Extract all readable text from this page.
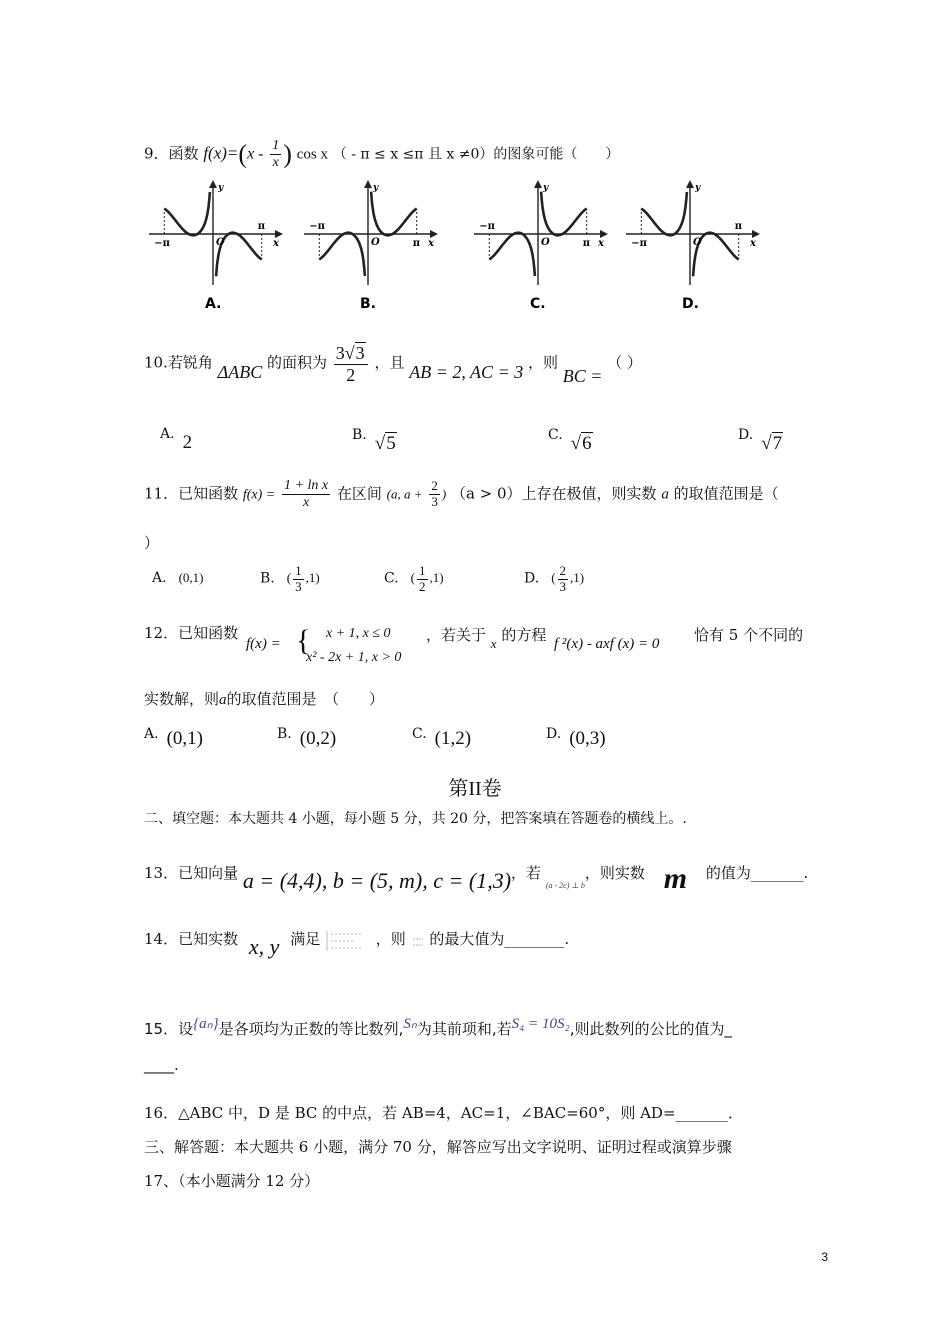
9．函数 $f(x)=(x - \frac{1}{x}$ ) cos x （ - π ≤ x ≤π 且 x ≠0）的图象可能（　　）
−π
π
x
y
O
A.
−π
π x
y
O
B.
−π
π x
y
O
C.
−π
π
x
y
O
D.
10.若锐角 ΔABC 的面积为 $\frac{3√3}{2}$ ，且 AB = 2, AC = 3 ，则 BC = （ ）
A. 2	B. √5	C. √6	D. √7
11．已知函数 $f(x) = \frac{\text{1 + ln x}}{x}$ 在区间 (a, $a + \frac{2}{3}$ ) （a > 0）上存在极值，则实数 a 的取值范围是（
）
A. (0,1)	B. ( $\frac{1}{3} ,1$)	C. ( $\frac{1}{2} ,1$)	D. ( $\frac{2}{3} ,1$)
12．已知函数
f(x) = { x + 1, x ≤ 0
x² - 2x + 1, x > 0
，若关于 x 的方程 f ²(x) - axf (x) = 0 恰有 5 个不同的
实数解，则a的取值范围是　（　　）
A. (0,1)	B. (0,2)	C. (1,2)	D. (0,3)
第II卷
二、填空题：本大题共 4 小题，每小题 5 分，共 20 分，把答案填在答题卷的横线上。.
13．已知向量 a = (4,4), b = (5, m), c = (1,3)，若 $_{(a - 2c) \perp b}$，则实数 m 的值为_______.
14．已知实数 x, y 满足	，则 的最大值为________.
15．设{aₙ}是各项均为正数的等比数列,Sₙ为其前项和,若S₄ = 10S₂,则此数列的公比的值为_
____.
16．△ABC 中，D 是 BC 的中点，若 AB=4，AC=1，∠BAC=60°，则 AD=_______．
三、解答题：本大题共 6 小题，满分 70 分，解答应写出文字说明、证明过程或演算步骤
17、（本小题满分 12 分）
3
